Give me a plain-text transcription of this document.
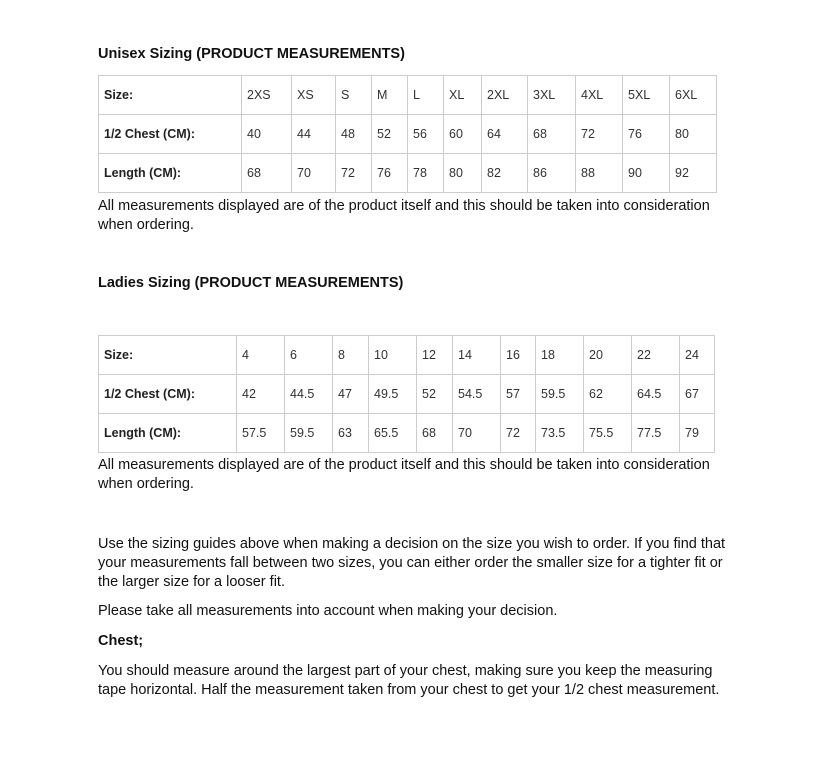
Unisex Sizing (PRODUCT MEASUREMENTS)
Size:	2XS	XS	S	M	L	XL	2XL	3XL	4XL	5XL	6XL
1/2 Chest (CM):	40	44	48	52	56	60	64	68	72	76	80
Length (CM):	68	70	72	76	78	80	82	86	88	90	92

All measurements displayed are of the product itself and this should be taken into consideration when ordering.

Ladies Sizing (PRODUCT MEASUREMENTS)
Size:	4	6	8	10	12	14	16	18	20	22	24
1/2 Chest (CM):	42	44.5	47	49.5	52	54.5	57	59.5	62	64.5	67
Length (CM):	57.5	59.5	63	65.5	68	70	72	73.5	75.5	77.5	79

All measurements displayed are of the product itself and this should be taken into consideration when ordering.

Use the sizing guides above when making a decision on the size you wish to order. If you find that your measurements fall between two sizes, you can either order the smaller size for a tighter fit or the larger size for a looser fit.

Please take all measurements into account when making your decision.

Chest;

You should measure around the largest part of your chest, making sure you keep the measuring tape horizontal. Half the measurement taken from your chest to get your 1/2 chest measurement.
